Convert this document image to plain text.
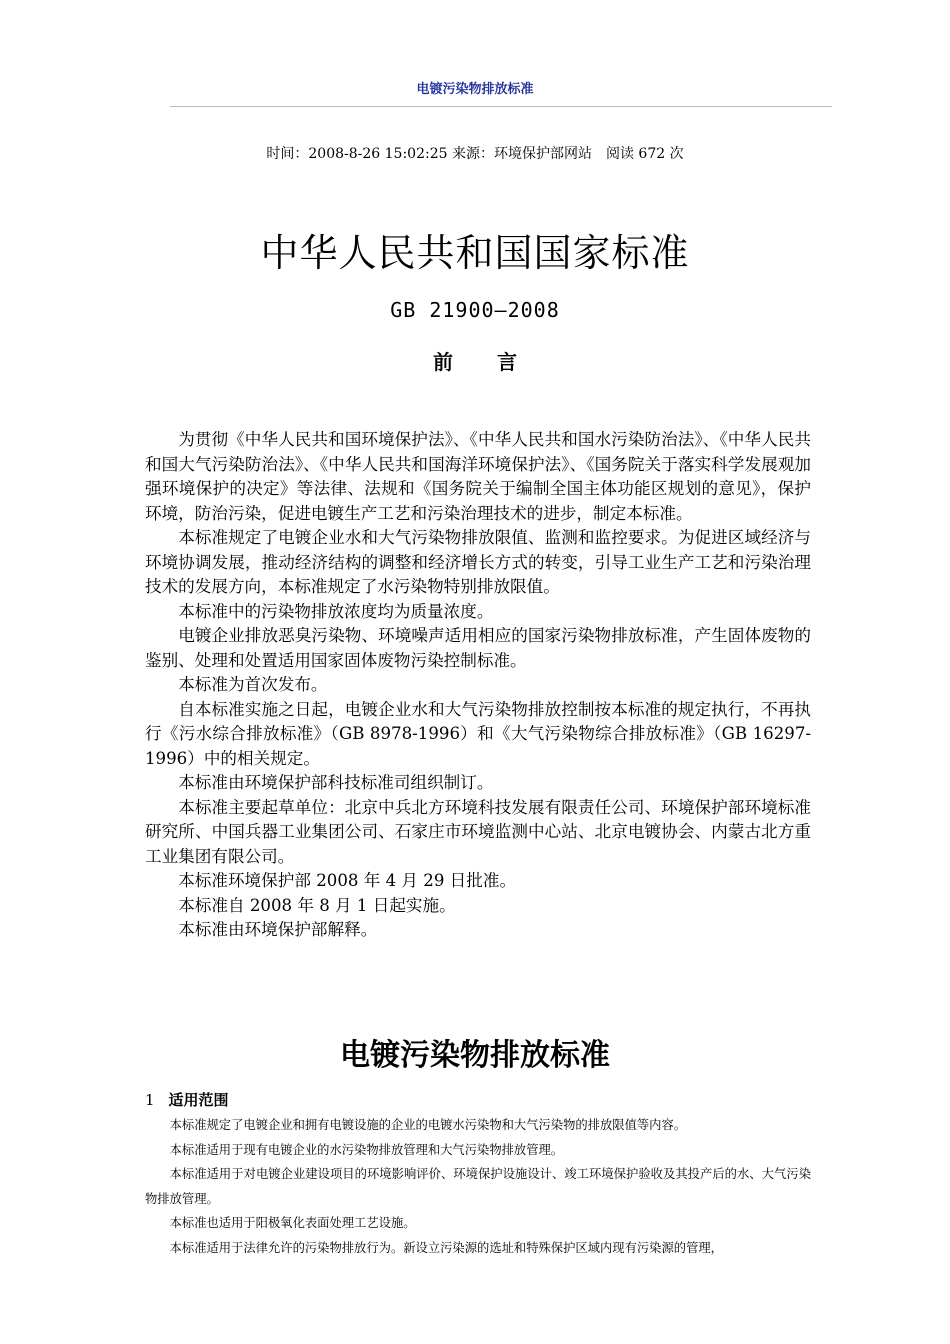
电镀污染物排放标准
时间：2008-8-26 15:02:25 来源：环境保护部网站　阅读 672 次
中华人民共和国国家标准
GB 21900—2008
前 言

为贯彻《中华人民共和国环境保护法》、《中华人民共和国水污染防治法》、《中华人民共和国大气污染防治法》、《中华人民共和国海洋环境保护法》、《国务院关于落实科学发展观加强环境保护的决定》等法律、法规和《国务院关于编制全国主体功能区规划的意见》，保护环境，防治污染，促进电镀生产工艺和污染治理技术的进步，制定本标准。

本标准规定了电镀企业水和大气污染物排放限值、监测和监控要求。为促进区域经济与环境协调发展，推动经济结构的调整和经济增长方式的转变，引导工业生产工艺和污染治理技术的发展方向，本标准规定了水污染物特别排放限值。

本标准中的污染物排放浓度均为质量浓度。

电镀企业排放恶臭污染物、环境噪声适用相应的国家污染物排放标准，产生固体废物的鉴别、处理和处置适用国家固体废物污染控制标准。

本标准为首次发布。

自本标准实施之日起，电镀企业水和大气污染物排放控制按本标准的规定执行，不再执行《污水综合排放标准》（GB 8978-1996）和《大气污染物综合排放标准》（GB 16297-1996）中的相关规定。

本标准由环境保护部科技标准司组织制订。

本标准主要起草单位：北京中兵北方环境科技发展有限责任公司、环境保护部环境标准研究所、中国兵器工业集团公司、石家庄市环境监测中心站、北京电镀协会、内蒙古北方重工业集团有限公司。

本标准环境保护部 2008 年 4 月 29 日批准。

本标准自 2008 年 8 月 1 日起实施。

本标准由环境保护部解释。

电镀污染物排放标准
1 适用范围

本标准规定了电镀企业和拥有电镀设施的企业的电镀水污染物和大气污染物的排放限值等内容。

本标准适用于现有电镀企业的水污染物排放管理和大气污染物排放管理。

本标准适用于对电镀企业建设项目的环境影响评价、环境保护设施设计、竣工环境保护验收及其投产后的水、大气污染物排放管理。

本标准也适用于阳极氧化表面处理工艺设施。

本标准适用于法律允许的污染物排放行为。新设立污染源的选址和特殊保护区域内现有污染源的管理，
